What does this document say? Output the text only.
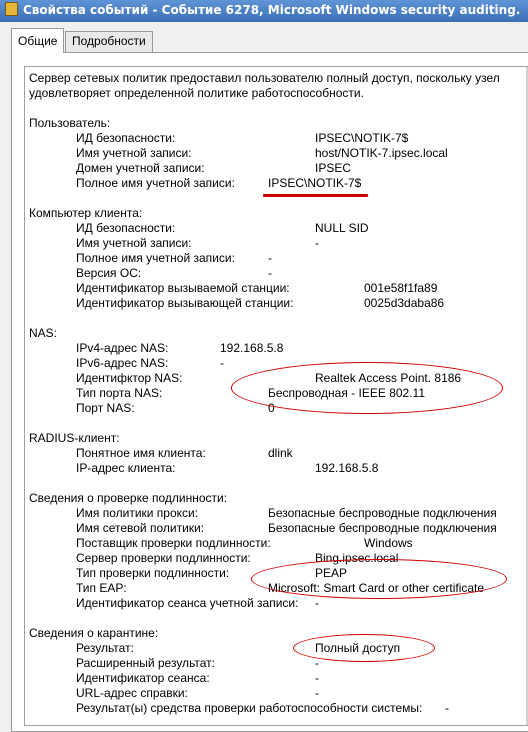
Свойства событий - Событие 6278, Microsoft Windows security auditing.
Общие	Подробности
Сервер сетевых политик предоставил пользователю полный доступ, поскольку узел
удовлетворяет определенной политике работоспособности.
Пользователь:
ИД безопасности:	IPSEC\NOTIK-7$
Имя учетной записи:	host/NOTIK-7.ipsec.local
Домен учетной записи:	IPSEC
Полное имя учетной записи:	IPSEC\NOTIK-7$
Компьютер клиента:
ИД безопасности:	NULL SID
Имя учетной записи:	-
Полное имя учетной записи:	-
Версия ОС:	-
Идентификатор вызываемой станции:	001e58f1fa89
Идентификатор вызывающей станции:	0025d3daba86
NAS:
IPv4-адрес NAS:	192.168.5.8
IPv6-адрес NAS:	-
Идентифктор NAS:	Realtek Access Point. 8186
Тип порта NAS:	Беспроводная - IEEE 802.11
Порт NAS:	0
RADIUS-клиент:
Понятное имя клиента:	dlink
IP-адрес клиента:	192.168.5.8
Сведения о проверке подлинности:
Имя политики прокси:	Безопасные беспроводные подключения
Имя сетевой политики:	Безопасные беспроводные подключения
Поставщик проверки подлинности:	Windows
Сервер проверки подлинности:	Bing.ipsec.local
Тип проверки подлинности:	PEAP
Тип EAP:	Microsoft: Smart Card or other certificate
Идентификатор сеанса учетной записи: -
Сведения о карантине:
Результат:	Полный доступ
Расширенный результат:	-
Идентификатор сеанса:	-
URL-адрес справки:	-
Результат(ы) средства проверки работоспособности системы: -
